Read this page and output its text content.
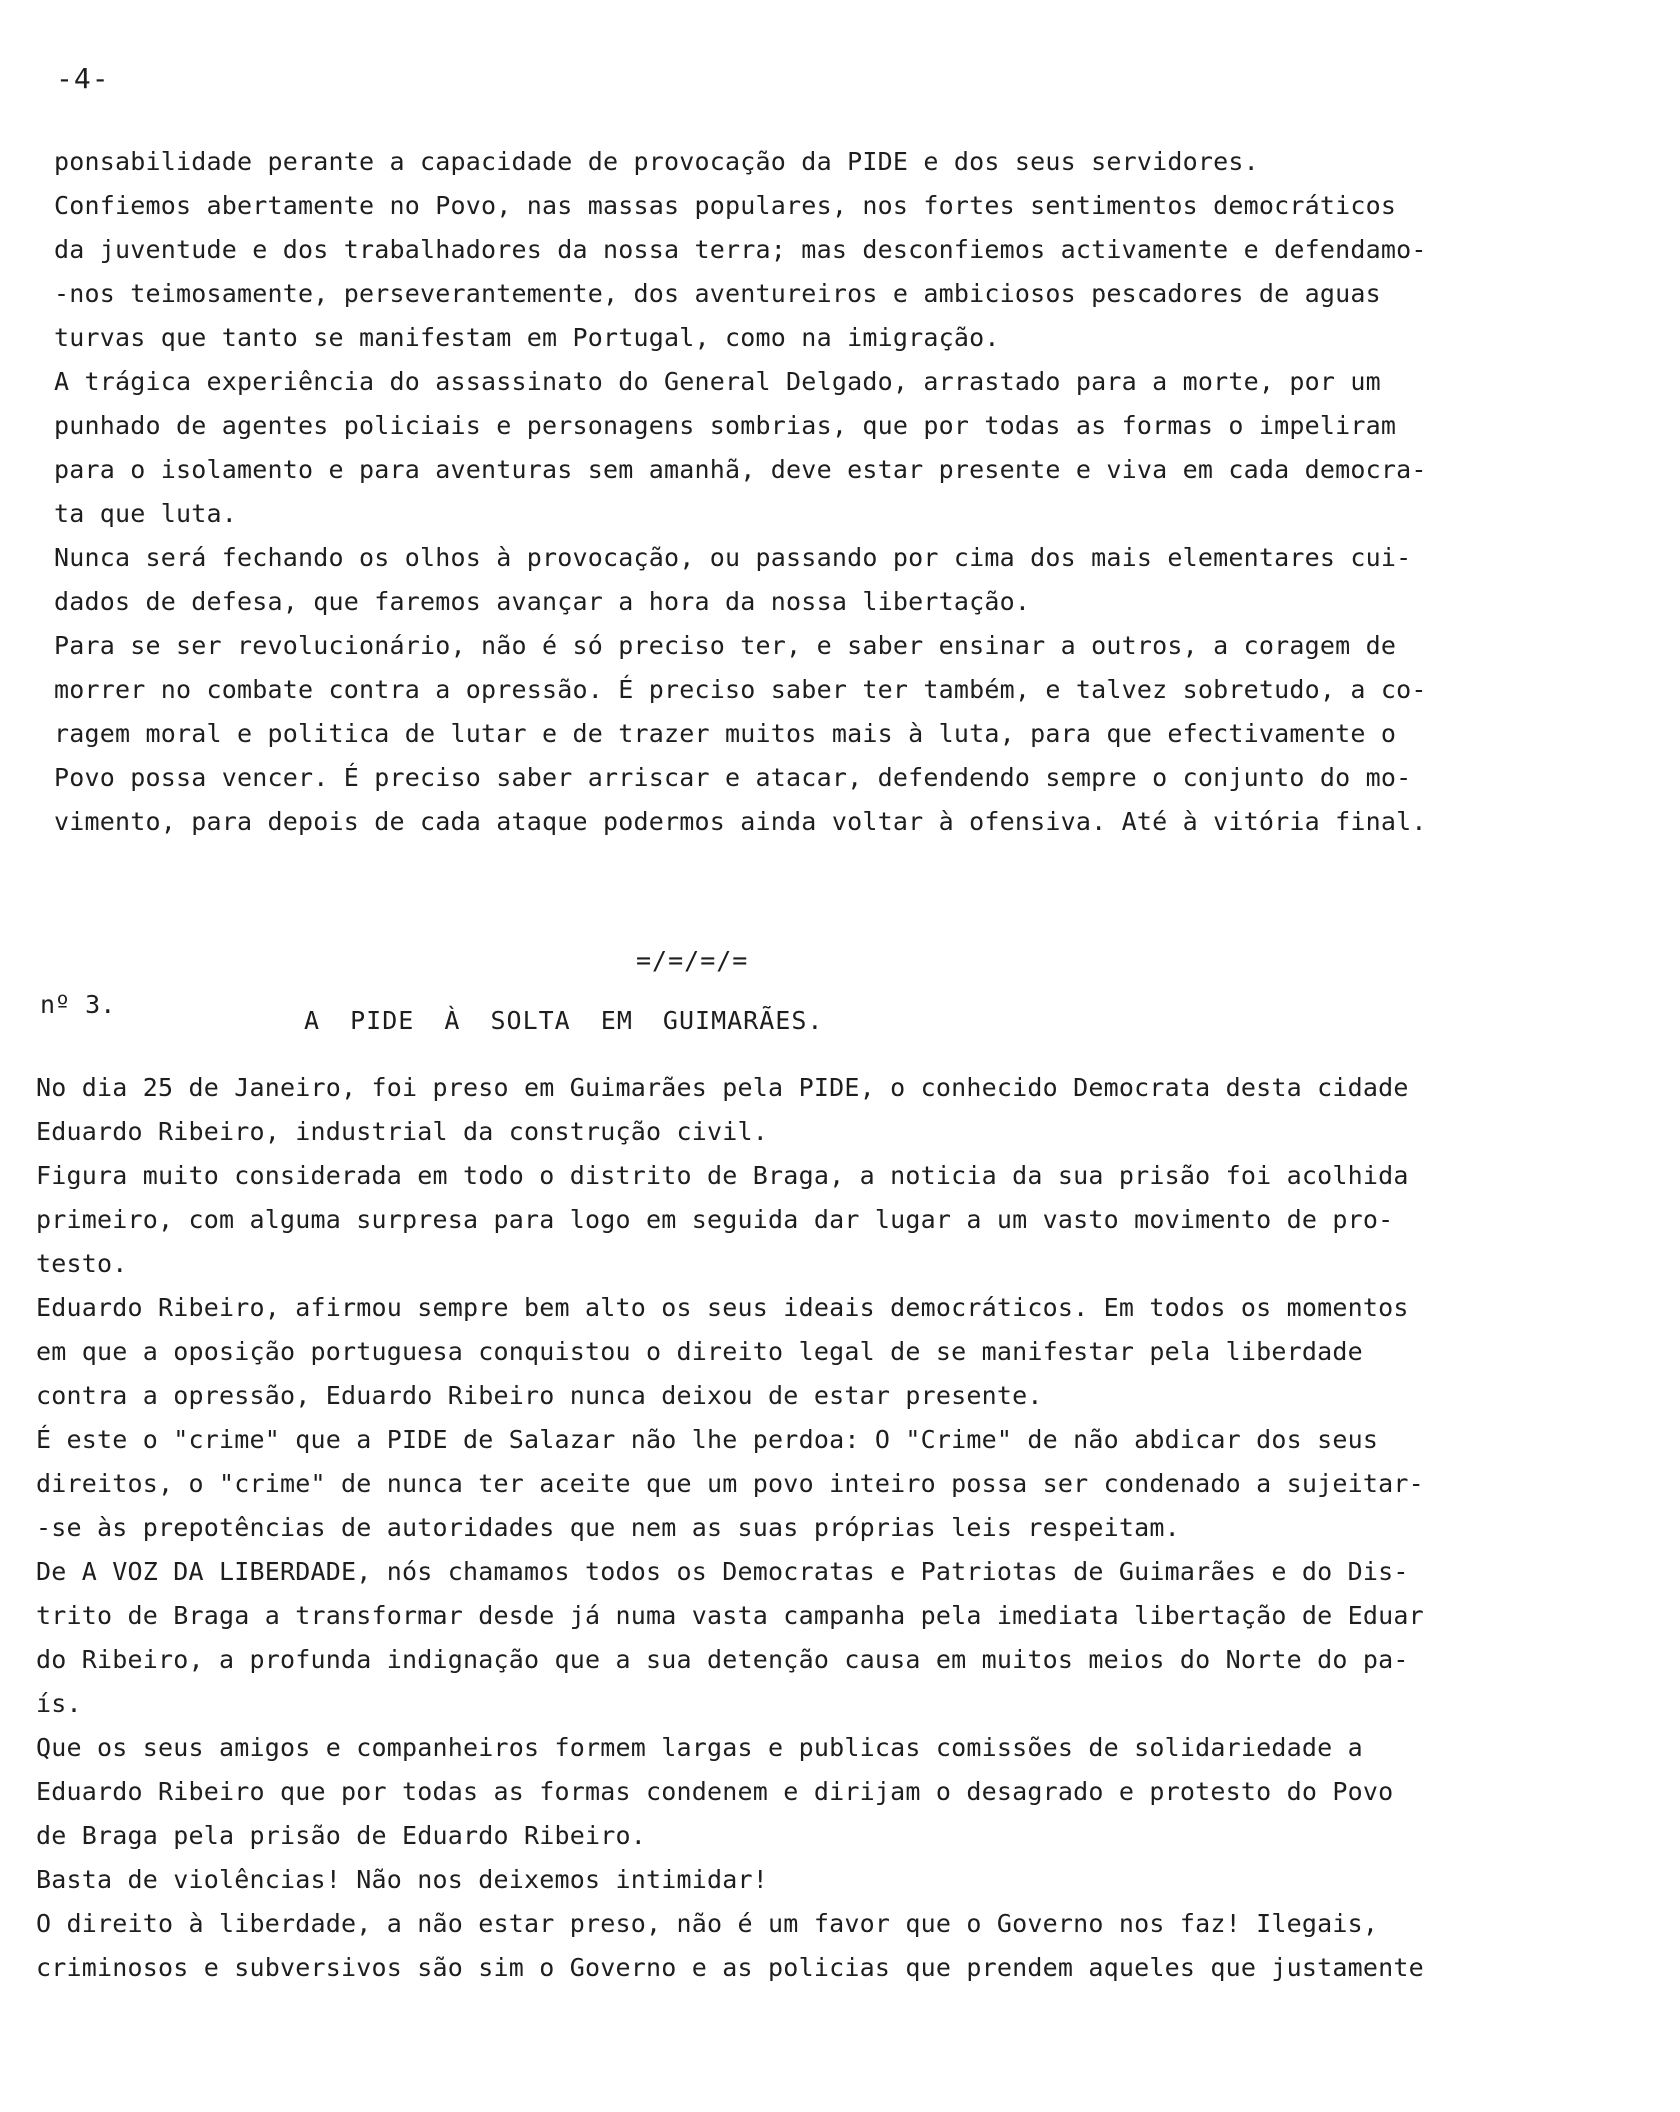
-4-
ponsabilidade perante a capacidade de provocação da PIDE e dos seus servidores.
Confiemos abertamente no Povo, nas massas populares, nos fortes sentimentos democráticos
da juventude e dos trabalhadores da nossa terra; mas desconfiemos activamente e defendamo-
-nos teimosamente, perseverantemente, dos aventureiros e ambiciosos pescadores de aguas
turvas que tanto se manifestam em Portugal, como na imigração.
A trágica experiência do assassinato do General Delgado, arrastado para a morte, por um
punhado de agentes policiais e personagens sombrias, que por todas as formas o impeliram
para o isolamento e para aventuras sem amanhã, deve estar presente e viva em cada democra-
ta que luta.
Nunca será fechando os olhos à provocação, ou passando por cima dos mais elementares cui-
dados de defesa, que faremos avançar a hora da nossa libertação.
Para se ser revolucionário, não é só preciso ter, e saber ensinar a outros, a coragem de
morrer no combate contra a opressão. É preciso saber ter também, e talvez sobretudo, a co-
ragem moral e politica de lutar e de trazer muitos mais à luta, para que efectivamente o
Povo possa vencer. É preciso saber arriscar e atacar, defendendo sempre o conjunto do mo-
vimento, para depois de cada ataque podermos ainda voltar à ofensiva. Até à vitória final.
=/=/=/=
nº 3.
A PIDE À SOLTA EM GUIMARÃES.
No dia 25 de Janeiro, foi preso em Guimarães pela PIDE, o conhecido Democrata desta cidade
Eduardo Ribeiro, industrial da construção civil.
Figura muito considerada em todo o distrito de Braga, a noticia da sua prisão foi acolhida
primeiro, com alguma surpresa para logo em seguida dar lugar a um vasto movimento de pro-
testo.
Eduardo Ribeiro, afirmou sempre bem alto os seus ideais democráticos. Em todos os momentos
em que a oposição portuguesa conquistou o direito legal de se manifestar pela liberdade
contra a opressão, Eduardo Ribeiro nunca deixou de estar presente.
É este o "crime" que a PIDE de Salazar não lhe perdoa: O "Crime" de não abdicar dos seus
direitos, o "crime" de nunca ter aceite que um povo inteiro possa ser condenado a sujeitar-
-se às prepotências de autoridades que nem as suas próprias leis respeitam.
De A VOZ DA LIBERDADE, nós chamamos todos os Democratas e Patriotas de Guimarães e do Dis-
trito de Braga a transformar desde já numa vasta campanha pela imediata libertação de Eduar
do Ribeiro, a profunda indignação que a sua detenção causa em muitos meios do Norte do pa-
ís.
Que os seus amigos e companheiros formem largas e publicas comissões de solidariedade a
Eduardo Ribeiro que por todas as formas condenem e dirijam o desagrado e protesto do Povo
de Braga pela prisão de Eduardo Ribeiro.
Basta de violências! Não nos deixemos intimidar!
O direito à liberdade, a não estar preso, não é um favor que o Governo nos faz! Ilegais,
criminosos e subversivos são sim o Governo e as policias que prendem aqueles que justamente
